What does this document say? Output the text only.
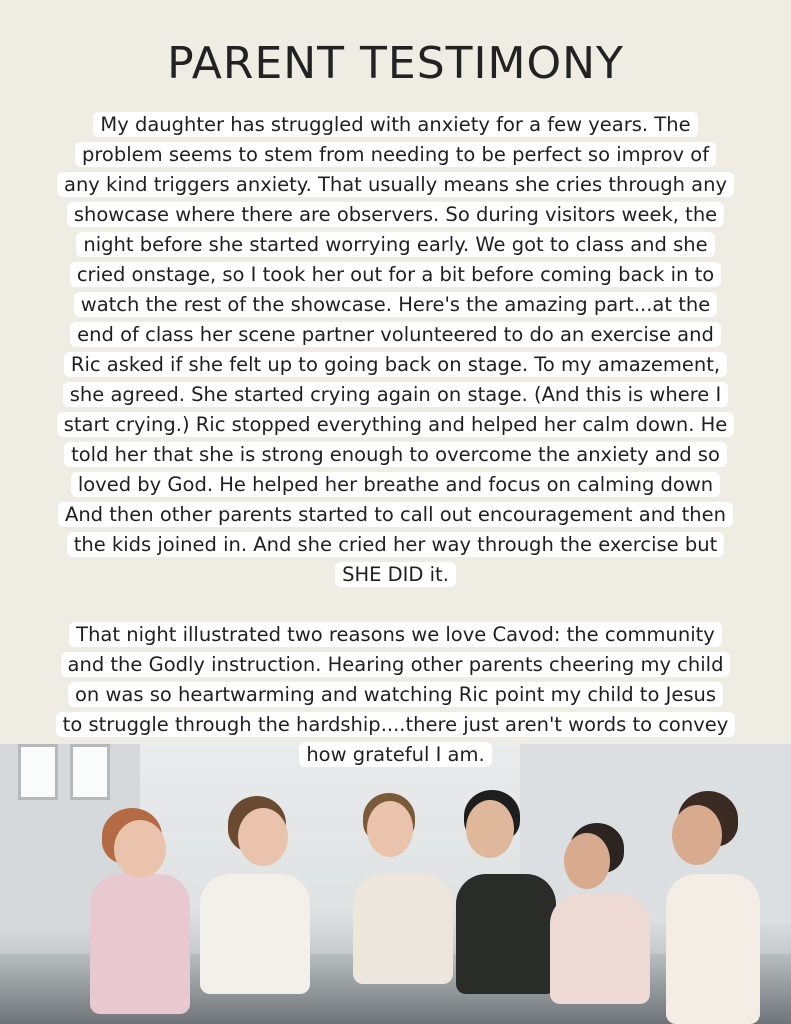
PARENT TESTIMONY
My daughter has struggled with anxiety for a few years. The
problem seems to stem from needing to be perfect so improv of
any kind triggers anxiety. That usually means she cries through any
showcase where there are observers. So during visitors week, the
night before she started worrying early. We got to class and she
cried onstage, so I took her out for a bit before coming back in to
watch the rest of the showcase. Here's the amazing part...at the
end of class her scene partner volunteered to do an exercise and
Ric asked if she felt up to going back on stage. To my amazement,
she agreed. She started crying again on stage. (And this is where I
start crying.) Ric stopped everything and helped her calm down. He
told her that she is strong enough to overcome the anxiety and so
loved by God. He helped her breathe and focus on calming down
And then other parents started to call out encouragement and then
the kids joined in. And she cried her way through the exercise but
SHE DID it.
That night illustrated two reasons we love Cavod: the community
and the Godly instruction. Hearing other parents cheering my child
on was so heartwarming and watching Ric point my child to Jesus
to struggle through the hardship....there just aren't words to convey
how grateful I am.
